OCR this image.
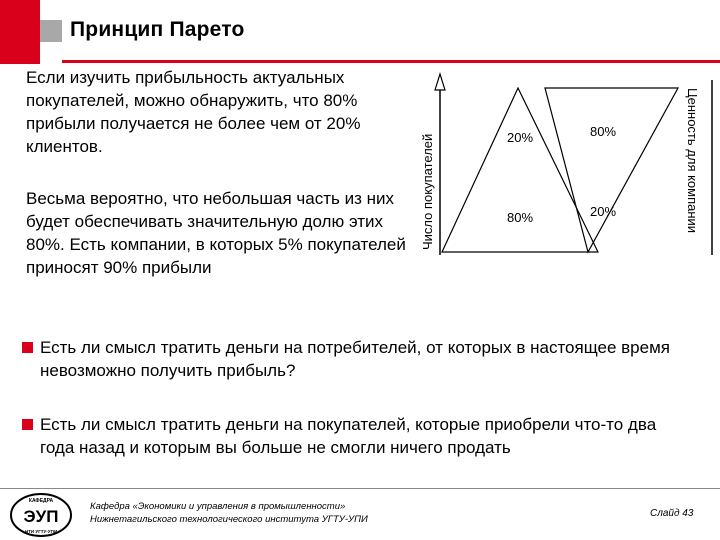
Принцип Парето
Если изучить прибыльность актуальных покупателей, можно обнаружить, что 80% прибыли получается не более чем от 20% клиентов.
Весьма вероятно, что небольшая часть из них будет обеспечивать значительную долю этих 80%. Есть компании, в которых 5% покупателей приносят 90% прибыли
Число покупателей	Ценность для компании
20%	80%
80%	20%
Есть ли смысл тратить деньги на потребителей, от которых в настоящее время невозможно получить прибыль?
Есть ли смысл тратить деньги на покупателей, которые приобрели что-то два года назад и которым вы больше не смогли ничего продать
КАФЕДРА
ЭУП
НТИ УГТУ-УПИ
Кафедра «Экономики и управления в промышленности»
Нижнетагильского технологического института УГТУ-УПИ
Слайд 43
